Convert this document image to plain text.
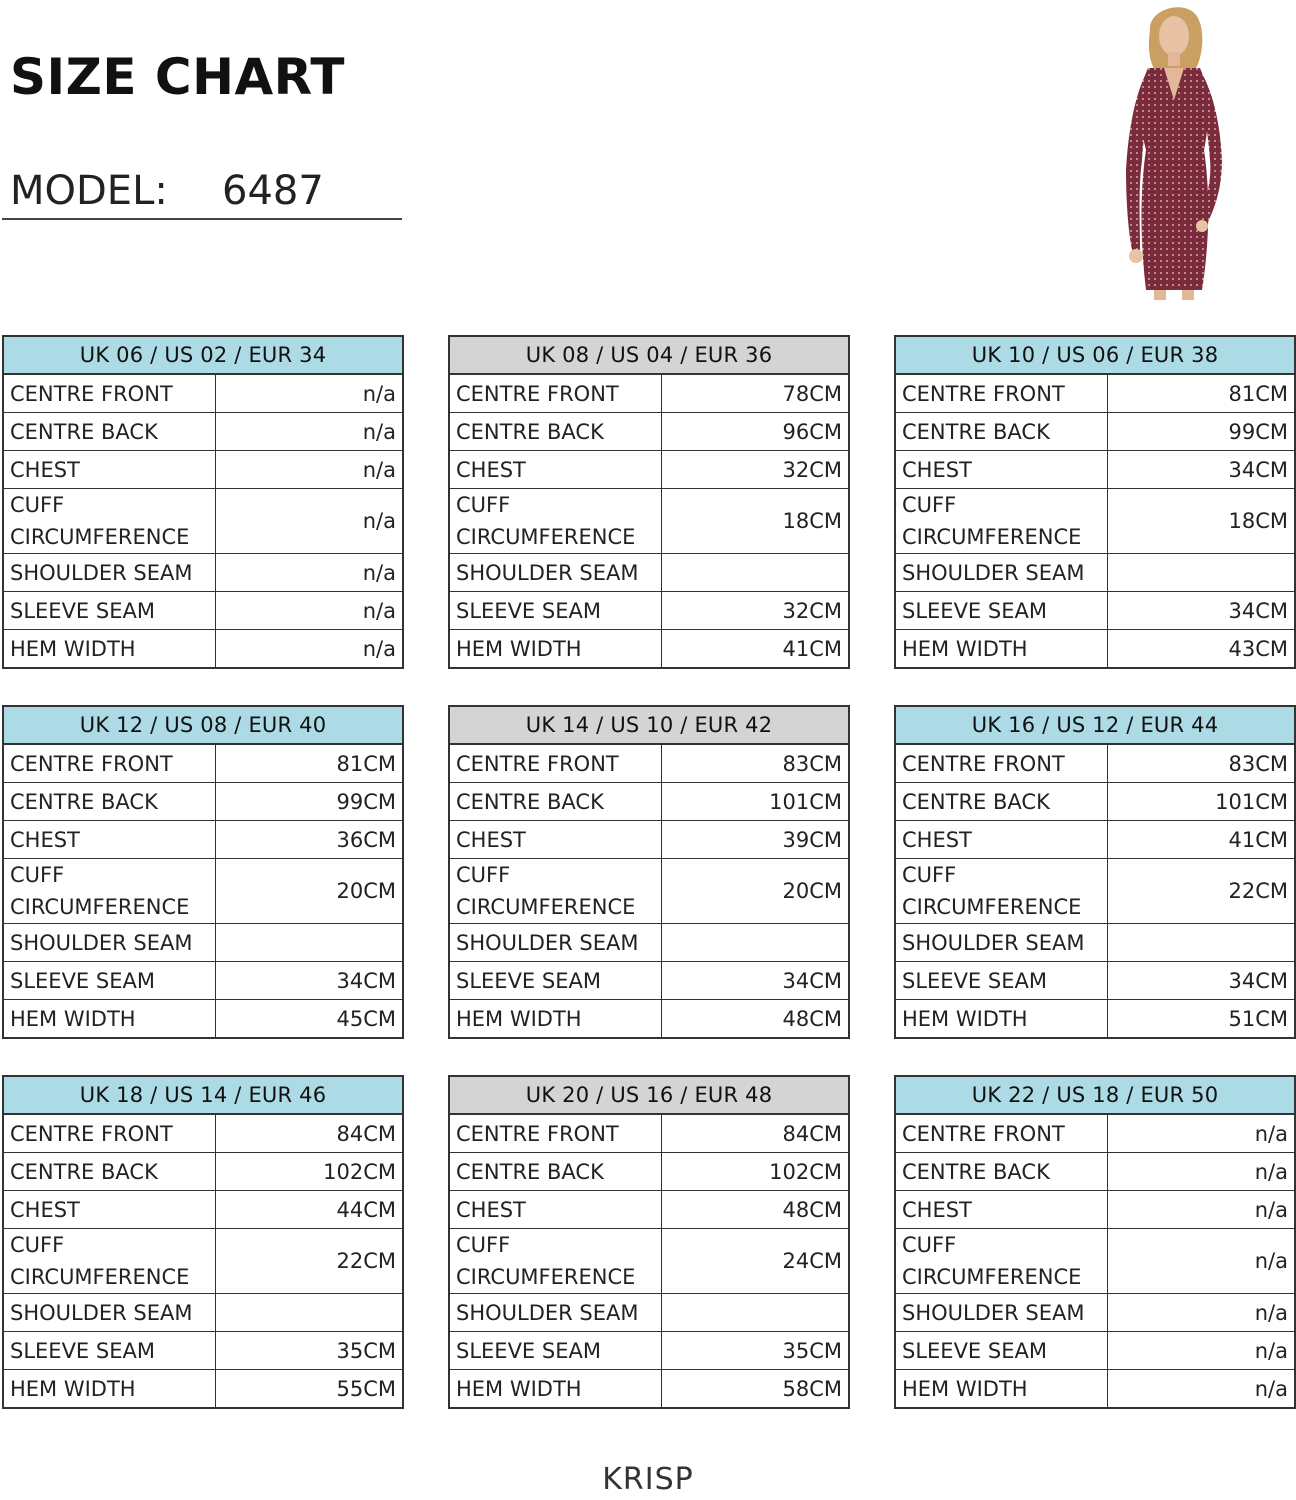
SIZE CHART
MODEL: 6487
UK 06 / US 02 / EUR 34	
CENTRE FRONT	n/a
CENTRE BACK	n/a
CHEST	n/a
CUFF CIRCUMFERENCE	n/a
SHOULDER SEAM	n/a
SLEEVE SEAM	n/a
HEM WIDTH	n/a
UK 08 / US 04 / EUR 36	
CENTRE FRONT	78CM
CENTRE BACK	96CM
CHEST	32CM
CUFF CIRCUMFERENCE	18CM
SHOULDER SEAM	
SLEEVE SEAM	32CM
HEM WIDTH	41CM
UK 10 / US 06 / EUR 38	
CENTRE FRONT	81CM
CENTRE BACK	99CM
CHEST	34CM
CUFF CIRCUMFERENCE	18CM
SHOULDER SEAM	
SLEEVE SEAM	34CM
HEM WIDTH	43CM
UK 12 / US 08 / EUR 40	
CENTRE FRONT	81CM
CENTRE BACK	99CM
CHEST	36CM
CUFF CIRCUMFERENCE	20CM
SHOULDER SEAM	
SLEEVE SEAM	34CM
HEM WIDTH	45CM
UK 14 / US 10 / EUR 42	
CENTRE FRONT	83CM
CENTRE BACK	101CM
CHEST	39CM
CUFF CIRCUMFERENCE	20CM
SHOULDER SEAM	
SLEEVE SEAM	34CM
HEM WIDTH	48CM
UK 16 / US 12 / EUR 44	
CENTRE FRONT	83CM
CENTRE BACK	101CM
CHEST	41CM
CUFF CIRCUMFERENCE	22CM
SHOULDER SEAM	
SLEEVE SEAM	34CM
HEM WIDTH	51CM
UK 18 / US 14 / EUR 46	
CENTRE FRONT	84CM
CENTRE BACK	102CM
CHEST	44CM
CUFF CIRCUMFERENCE	22CM
SHOULDER SEAM	
SLEEVE SEAM	35CM
HEM WIDTH	55CM
UK 20 / US 16 / EUR 48	
CENTRE FRONT	84CM
CENTRE BACK	102CM
CHEST	48CM
CUFF CIRCUMFERENCE	24CM
SHOULDER SEAM	
SLEEVE SEAM	35CM
HEM WIDTH	58CM
UK 22 / US 18 / EUR 50	
CENTRE FRONT	n/a
CENTRE BACK	n/a
CHEST	n/a
CUFF CIRCUMFERENCE	n/a
SHOULDER SEAM	n/a
SLEEVE SEAM	n/a
HEM WIDTH	n/a
KRISP
